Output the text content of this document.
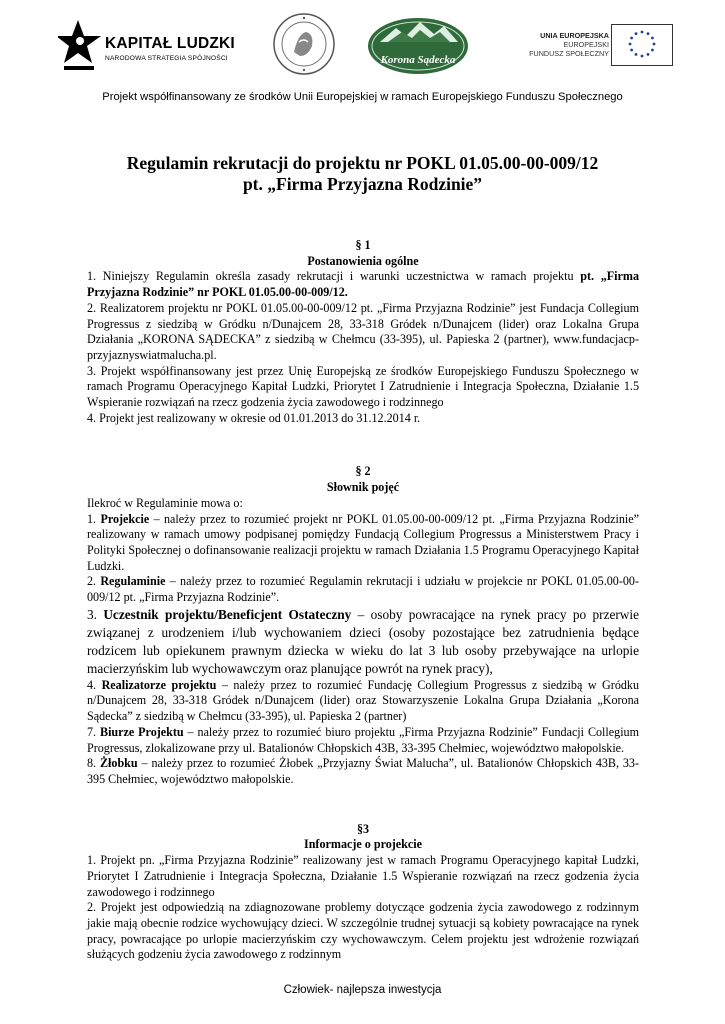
KAPITAŁ LUDZKI
NARODOWA STRATEGIA SPÓJNOŚCI	Korona Sądecka
UNIA EUROPEJSKA
EUROPEJSKI
FUNDUSZ SPOŁECZNY
Projekt współfinansowany ze środków Unii Europejskiej w ramach Europejskiego Funduszu Społecznego
Regulamin rekrutacji do projektu nr POKL 01.05.00-00-009/12
pt. „Firma Przyjazna Rodzinie”

§ 1

Postanowienia ogólne

1. Niniejszy Regulamin określa zasady rekrutacji i warunki uczestnictwa w ramach projektu pt. „Firma Przyjazna Rodzinie” nr POKL 01.05.00-00-009/12.

2. Realizatorem projektu nr POKL 01.05.00-00-009/12 pt. „Firma Przyjazna Rodzinie” jest Fundacja Collegium Progressus z siedzibą w Gródku n/Dunajcem 28, 33-318 Gródek n/Dunajcem (lider) oraz Lokalna Grupa Działania „KORONA SĄDECKA” z siedzibą w Chełmcu (33-395), ul. Papieska 2 (partner), www.fundacjacp-przyjaznyswiatmalucha.pl.

3. Projekt współfinansowany jest przez Unię Europejską ze środków Europejskiego Funduszu Społecznego w ramach Programu Operacyjnego Kapitał Ludzki, Priorytet I Zatrudnienie i Integracja Społeczna, Działanie 1.5 Wspieranie rozwiązań na rzecz godzenia życia zawodowego i rodzinnego

4. Projekt jest realizowany w okresie od 01.01.2013 do 31.12.2014 r.

§ 2

Słownik pojęć

Ilekroć w Regulaminie mowa o:

1. Projekcie – należy przez to rozumieć projekt nr POKL 01.05.00-00-009/12 pt. „Firma Przyjazna Rodzinie” realizowany w ramach umowy podpisanej pomiędzy Fundacją Collegium Progressus a Ministerstwem Pracy i Polityki Społecznej o dofinansowanie realizacji projektu w ramach Działania 1.5 Programu Operacyjnego Kapitał Ludzki.

2. Regulaminie – należy przez to rozumieć Regulamin rekrutacji i udziału w projekcie nr POKL 01.05.00-00-009/12 pt. „Firma Przyjazna Rodzinie”.

3. Uczestnik projektu/Beneficjent Ostateczny – osoby powracające na rynek pracy po przerwie związanej z urodzeniem i/lub wychowaniem dzieci (osoby pozostające bez zatrudnienia będące rodzicem lub opiekunem prawnym dziecka w wieku do lat 3 lub osoby przebywające na urlopie macierzyńskim lub wychowawczym oraz planujące powrót na rynek pracy),

4. Realizatorze projektu – należy przez to rozumieć Fundację Collegium Progressus z siedzibą w Gródku n/Dunajcem 28, 33-318 Gródek n/Dunajcem (lider) oraz Stowarzyszenie Lokalna Grupa Działania „Korona Sądecka” z siedzibą w Chełmcu (33-395), ul. Papieska 2 (partner)

7. Biurze Projektu – należy przez to rozumieć biuro projektu „Firma Przyjazna Rodzinie” Fundacji Collegium Progressus, zlokalizowane przy ul. Batalionów Chłopskich 43B, 33-395 Chełmiec, województwo małopolskie.

8. Żłobku – należy przez to rozumieć Żłobek „Przyjazny Świat Malucha”, ul. Batalionów Chłopskich 43B, 33-395 Chełmiec, województwo małopolskie.

§3

Informacje o projekcie

1. Projekt pn. „Firma Przyjazna Rodzinie” realizowany jest w ramach Programu Operacyjnego kapitał Ludzki, Priorytet I Zatrudnienie i Integracja Społeczna, Działanie 1.5 Wspieranie rozwiązań na rzecz godzenia życia zawodowego i rodzinnego

2. Projekt jest odpowiedzią na zdiagnozowane problemy dotyczące godzenia życia zawodowego z rodzinnym jakie mają obecnie rodzice wychowujący dzieci. W szczególnie trudnej sytuacji są kobiety powracające na rynek pracy, powracające po urlopie macierzyńskim czy wychowawczym. Celem projektu jest wdrożenie rozwiązań służących godzeniu życia zawodowego z rodzinnym

Człowiek- najlepsza inwestycja
